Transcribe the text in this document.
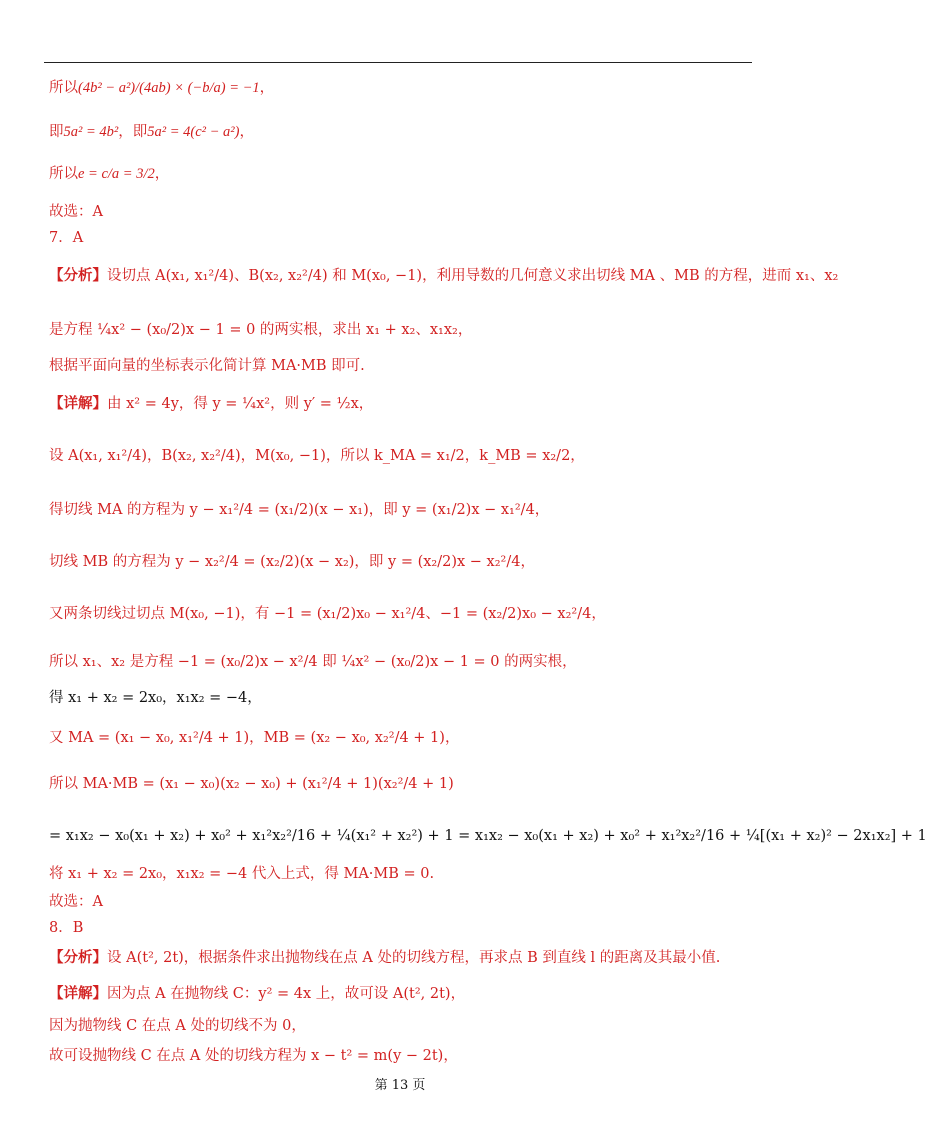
所以(4b² − a²)/(4ab) × (−b/a) = −1，
即5a² = 4b²，即5a² = 4(c² − a²)，
所以e = c/a = 3/2，
故选：A
7．A
【分析】设切点 A(x₁, x₁²/4)、B(x₂, x₂²/4) 和 M(x₀, −1)，利用导数的几何意义求出切线 MA 、MB 的方程，进而 x₁、x₂
是方程 ¼x² − (x₀/2)x − 1 = 0 的两实根，求出 x₁ + x₂、x₁x₂，
根据平面向量的坐标表示化简计算 MA·MB 即可.
【详解】由 x² = 4y，得 y = ¼x²，则 y′ = ½x，
设 A(x₁, x₁²/4)，B(x₂, x₂²/4)，M(x₀, −1)，所以 k_MA = x₁/2，k_MB = x₂/2，
得切线 MA 的方程为 y − x₁²/4 = (x₁/2)(x − x₁)，即 y = (x₁/2)x − x₁²/4，
切线 MB 的方程为 y − x₂²/4 = (x₂/2)(x − x₂)，即 y = (x₂/2)x − x₂²/4，
又两条切线过切点 M(x₀, −1)，有 −1 = (x₁/2)x₀ − x₁²/4、−1 = (x₂/2)x₀ − x₂²/4，
所以 x₁、x₂ 是方程 −1 = (x₀/2)x − x²/4 即 ¼x² − (x₀/2)x − 1 = 0 的两实根，
得 x₁ + x₂ = 2x₀，x₁x₂ = −4，
又 MA = (x₁ − x₀, x₁²/4 + 1)，MB = (x₂ − x₀, x₂²/4 + 1)，
所以 MA·MB = (x₁ − x₀)(x₂ − x₀) + (x₁²/4 + 1)(x₂²/4 + 1)
= x₁x₂ − x₀(x₁ + x₂) + x₀² + x₁²x₂²/16 + ¼(x₁² + x₂²) + 1 = x₁x₂ − x₀(x₁ + x₂) + x₀² + x₁²x₂²/16 + ¼[(x₁ + x₂)² − 2x₁x₂] + 1
将 x₁ + x₂ = 2x₀，x₁x₂ = −4 代入上式，得 MA·MB = 0.
故选：A
8．B
【分析】设 A(t², 2t)，根据条件求出抛物线在点 A 处的切线方程，再求点 B 到直线 l 的距离及其最小值.
【详解】因为点 A 在抛物线 C：y² = 4x 上，故可设 A(t², 2t)，
因为抛物线 C 在点 A 处的切线不为 0，
故可设抛物线 C 在点 A 处的切线方程为 x − t² = m(y − 2t)，
第 13 页
